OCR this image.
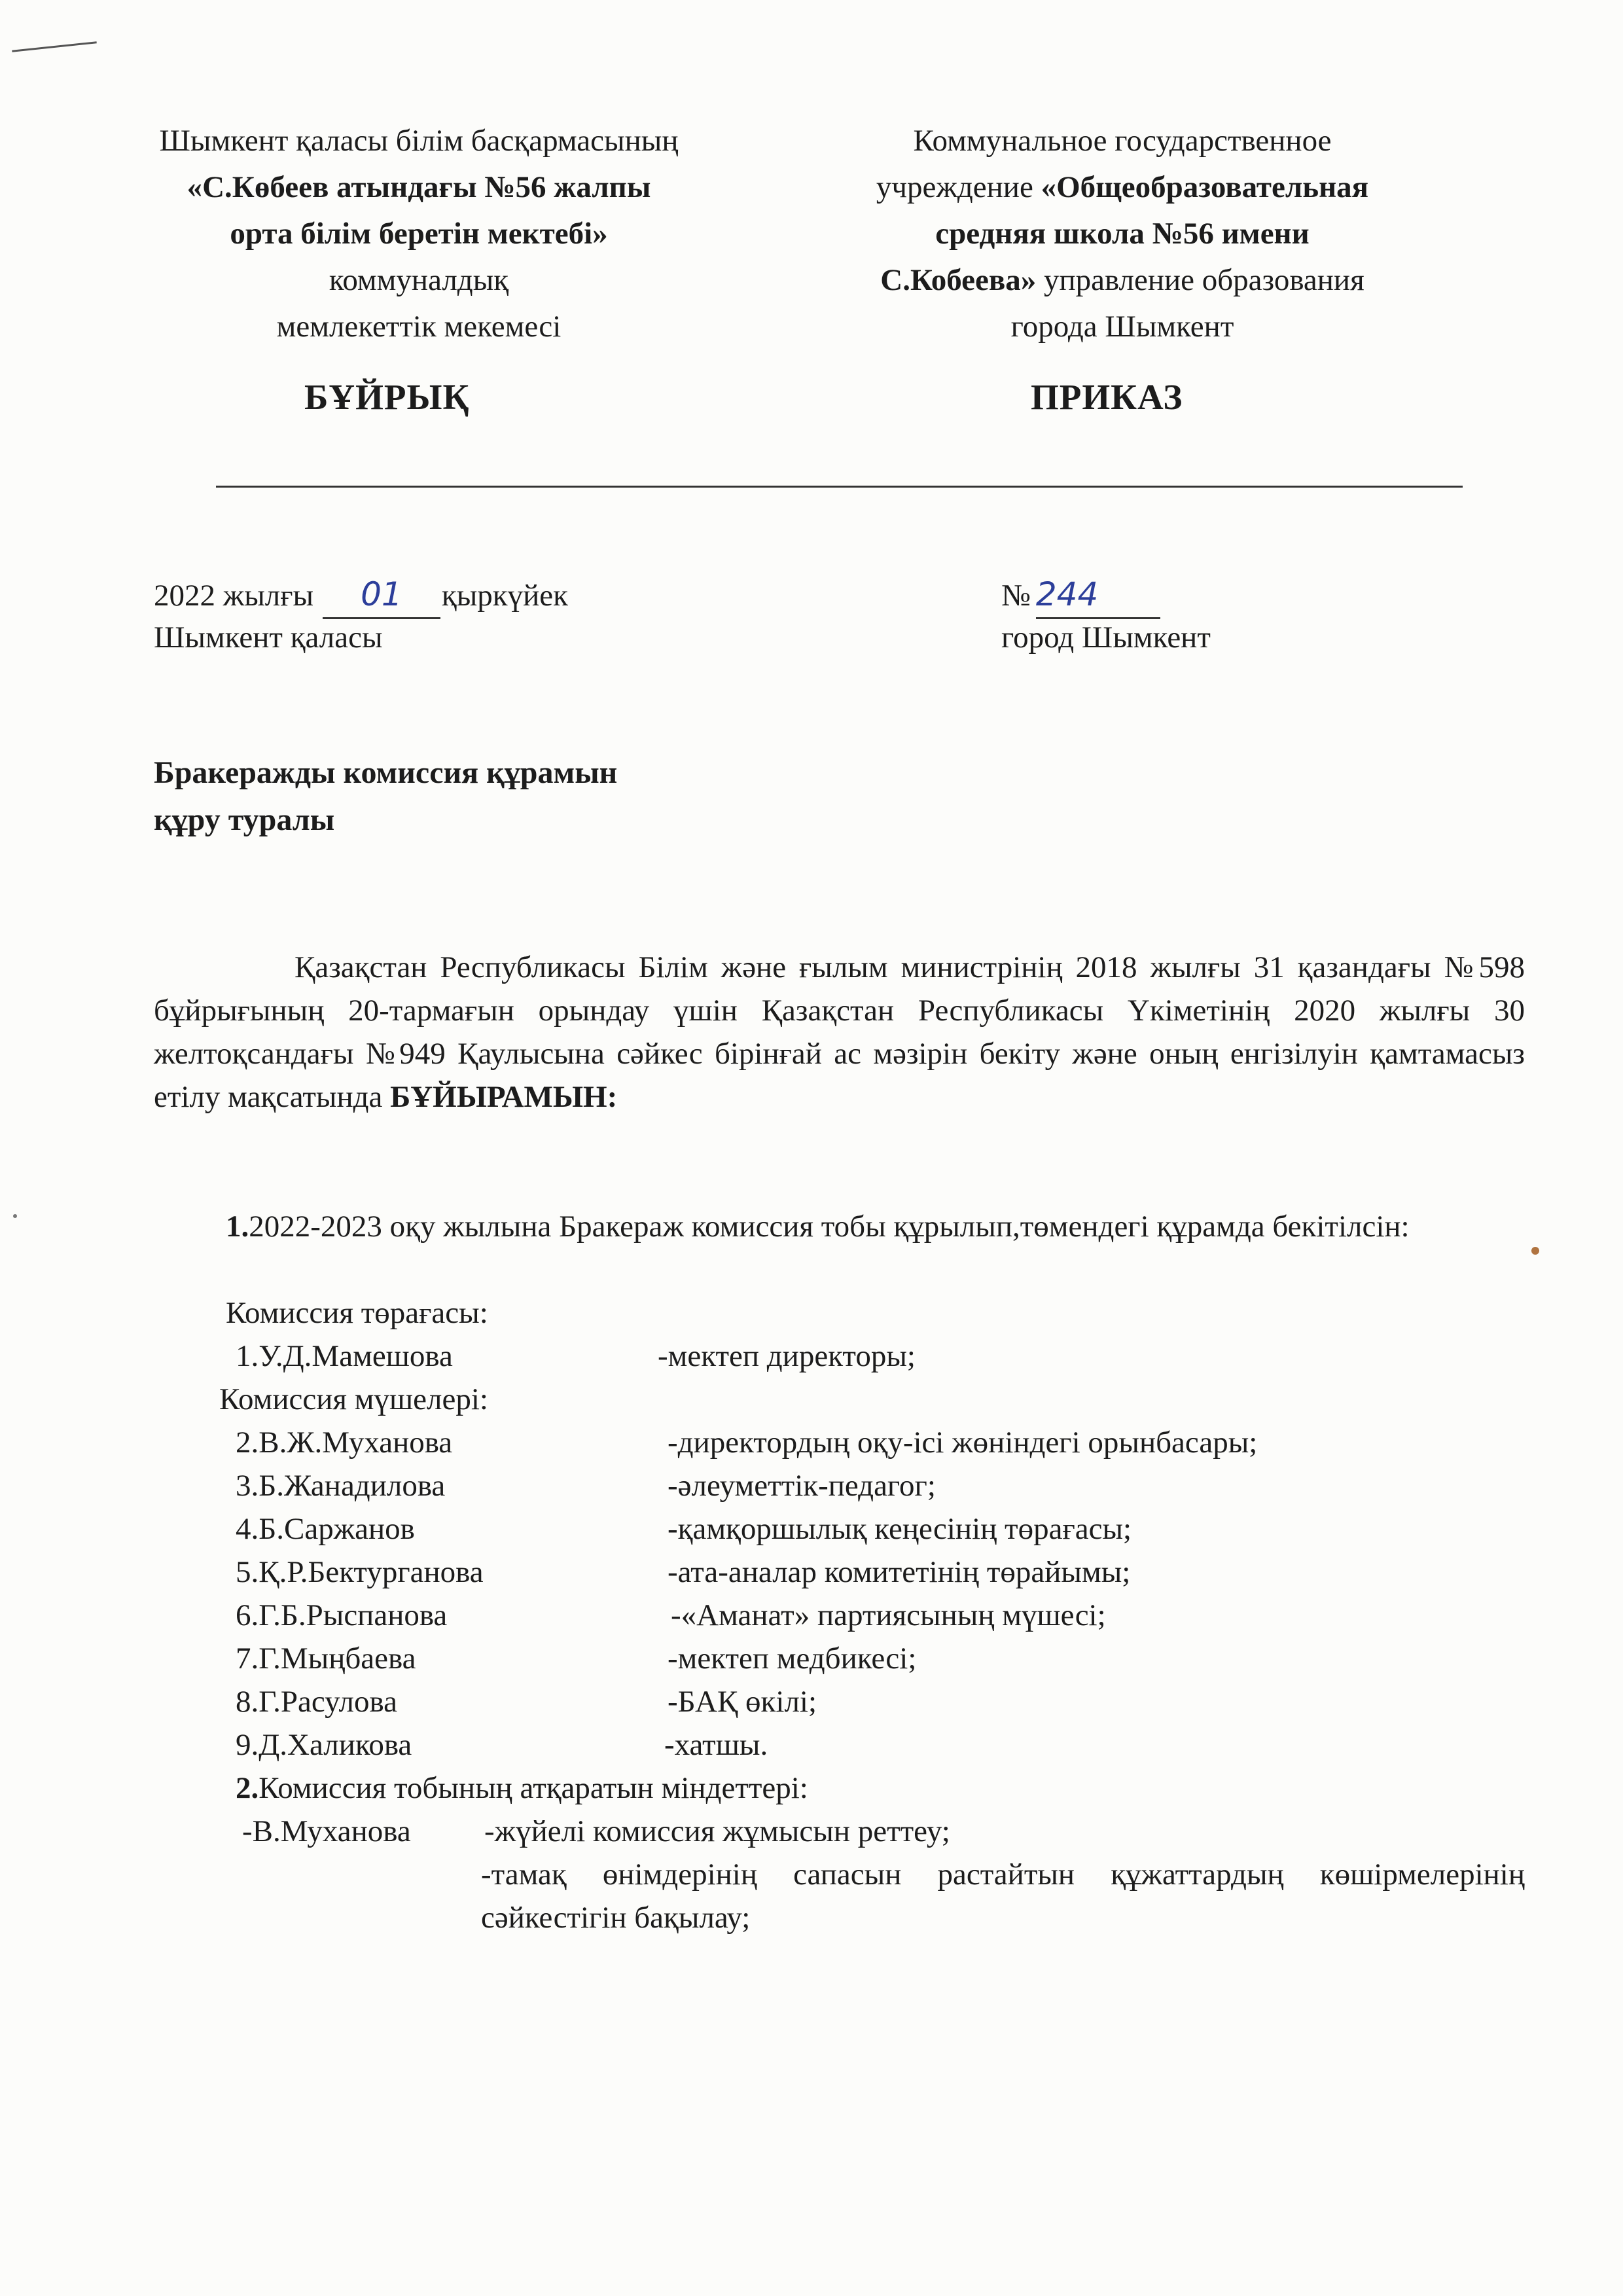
Шымкент қаласы білім басқармасының
«С.Көбеев атындағы №56 жалпы
орта білім беретін мектебі»
коммуналдық
мемлекеттік мекемесі
Коммунальное государственное
учреждение «Общеобразовательная
средняя школа №56 имени
С.Кобеева» управление образования
города Шымкент
БҰЙРЫҚ	ПРИКАЗ
2022 жылғы 01 қыркүйек
Шымкент қаласы
№ 244
город Шымкент
Бракеражды комиссия құрамын
құру туралы
Қазақстан Республикасы Білім және ғылым министрінің 2018 жылғы 31 қазандағы №598 бұйрығының 20-тармағын орындау үшін Қазақстан Республикасы Үкіметінің 2020 жылғы 30 желтоқсандағы №949 Қаулысына сәйкес бірінғай ас мәзірін бекіту және оның енгізілуін қамтамасыз етілу мақсатында БҰЙЫРАМЫН:
1.2022-2023 оқу жылына Бракераж комиссия тобы құрылып,төмендегі құрамда бекітілсін:
Комиссия төрағасы:
1.У.Д.Мамешова	-мектеп директоры;
Комиссия мүшелері:
2.В.Ж.Муханова	-директордың оқу-ісі жөніндегі орынбасары;
3.Б.Жанадилова	-әлеуметтік-педагог;
4.Б.Саржанов	-қамқоршылық кеңесінің төрағасы;
5.Қ.Р.Бектурганова	-ата-аналар комитетінің төрайымы;
6.Г.Б.Рыспанова	-«Аманат» партиясының мүшесі;
7.Г.Мыңбаева	-мектеп медбикесі;
8.Г.Расулова	-БАҚ өкілі;
9.Д.Халикова	-хатшы.
2.Комиссия тобының атқаратын міндеттері:
-В.Муханова -жүйелі комиссия жұмысын реттеу;
-тамақ өнімдерінің сапасын растайтын құжаттардың көшірмелерінің сәйкестігін бақылау;
